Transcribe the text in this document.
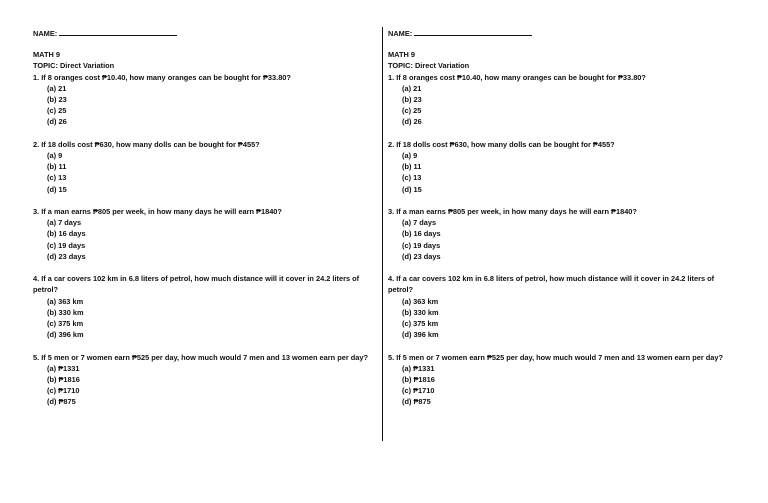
NAME:
MATH 9
TOPIC: Direct Variation
1. If 8 oranges cost ₱10.40, how many oranges can be bought for ₱33.80?
(a) 21
(b) 23
(c) 25
(d) 26
2. If 18 dolls cost ₱630, how many dolls can be bought for ₱455?
(a) 9
(b) 11
(c) 13
(d) 15
3. If a man earns ₱805 per week, in how many days he will earn ₱1840?
(a) 7 days
(b) 16 days
(c) 19 days
(d) 23 days
4. If a car covers 102 km in 6.8 liters of petrol, how much distance will it cover in 24.2 liters of petrol?
(a) 363 km
(b) 330 km
(c) 375 km
(d) 396 km
5. If 5 men or 7 women earn ₱525 per day, how much would 7 men and 13 women earn per day?
(a) ₱1331
(b) ₱1816
(c) ₱1710
(d) ₱875
NAME:
MATH 9
TOPIC: Direct Variation
1. If 8 oranges cost ₱10.40, how many oranges can be bought for ₱33.80?
(a) 21
(b) 23
(c) 25
(d) 26
2. If 18 dolls cost ₱630, how many dolls can be bought for ₱455?
(a) 9
(b) 11
(c) 13
(d) 15
3. If a man earns ₱805 per week, in how many days he will earn ₱1840?
(a) 7 days
(b) 16 days
(c) 19 days
(d) 23 days
4. If a car covers 102 km in 6.8 liters of petrol, how much distance will it cover in 24.2 liters of petrol?
(a) 363 km
(b) 330 km
(c) 375 km
(d) 396 km
5. If 5 men or 7 women earn ₱525 per day, how much would 7 men and 13 women earn per day?
(a) ₱1331
(b) ₱1816
(c) ₱1710
(d) ₱875
